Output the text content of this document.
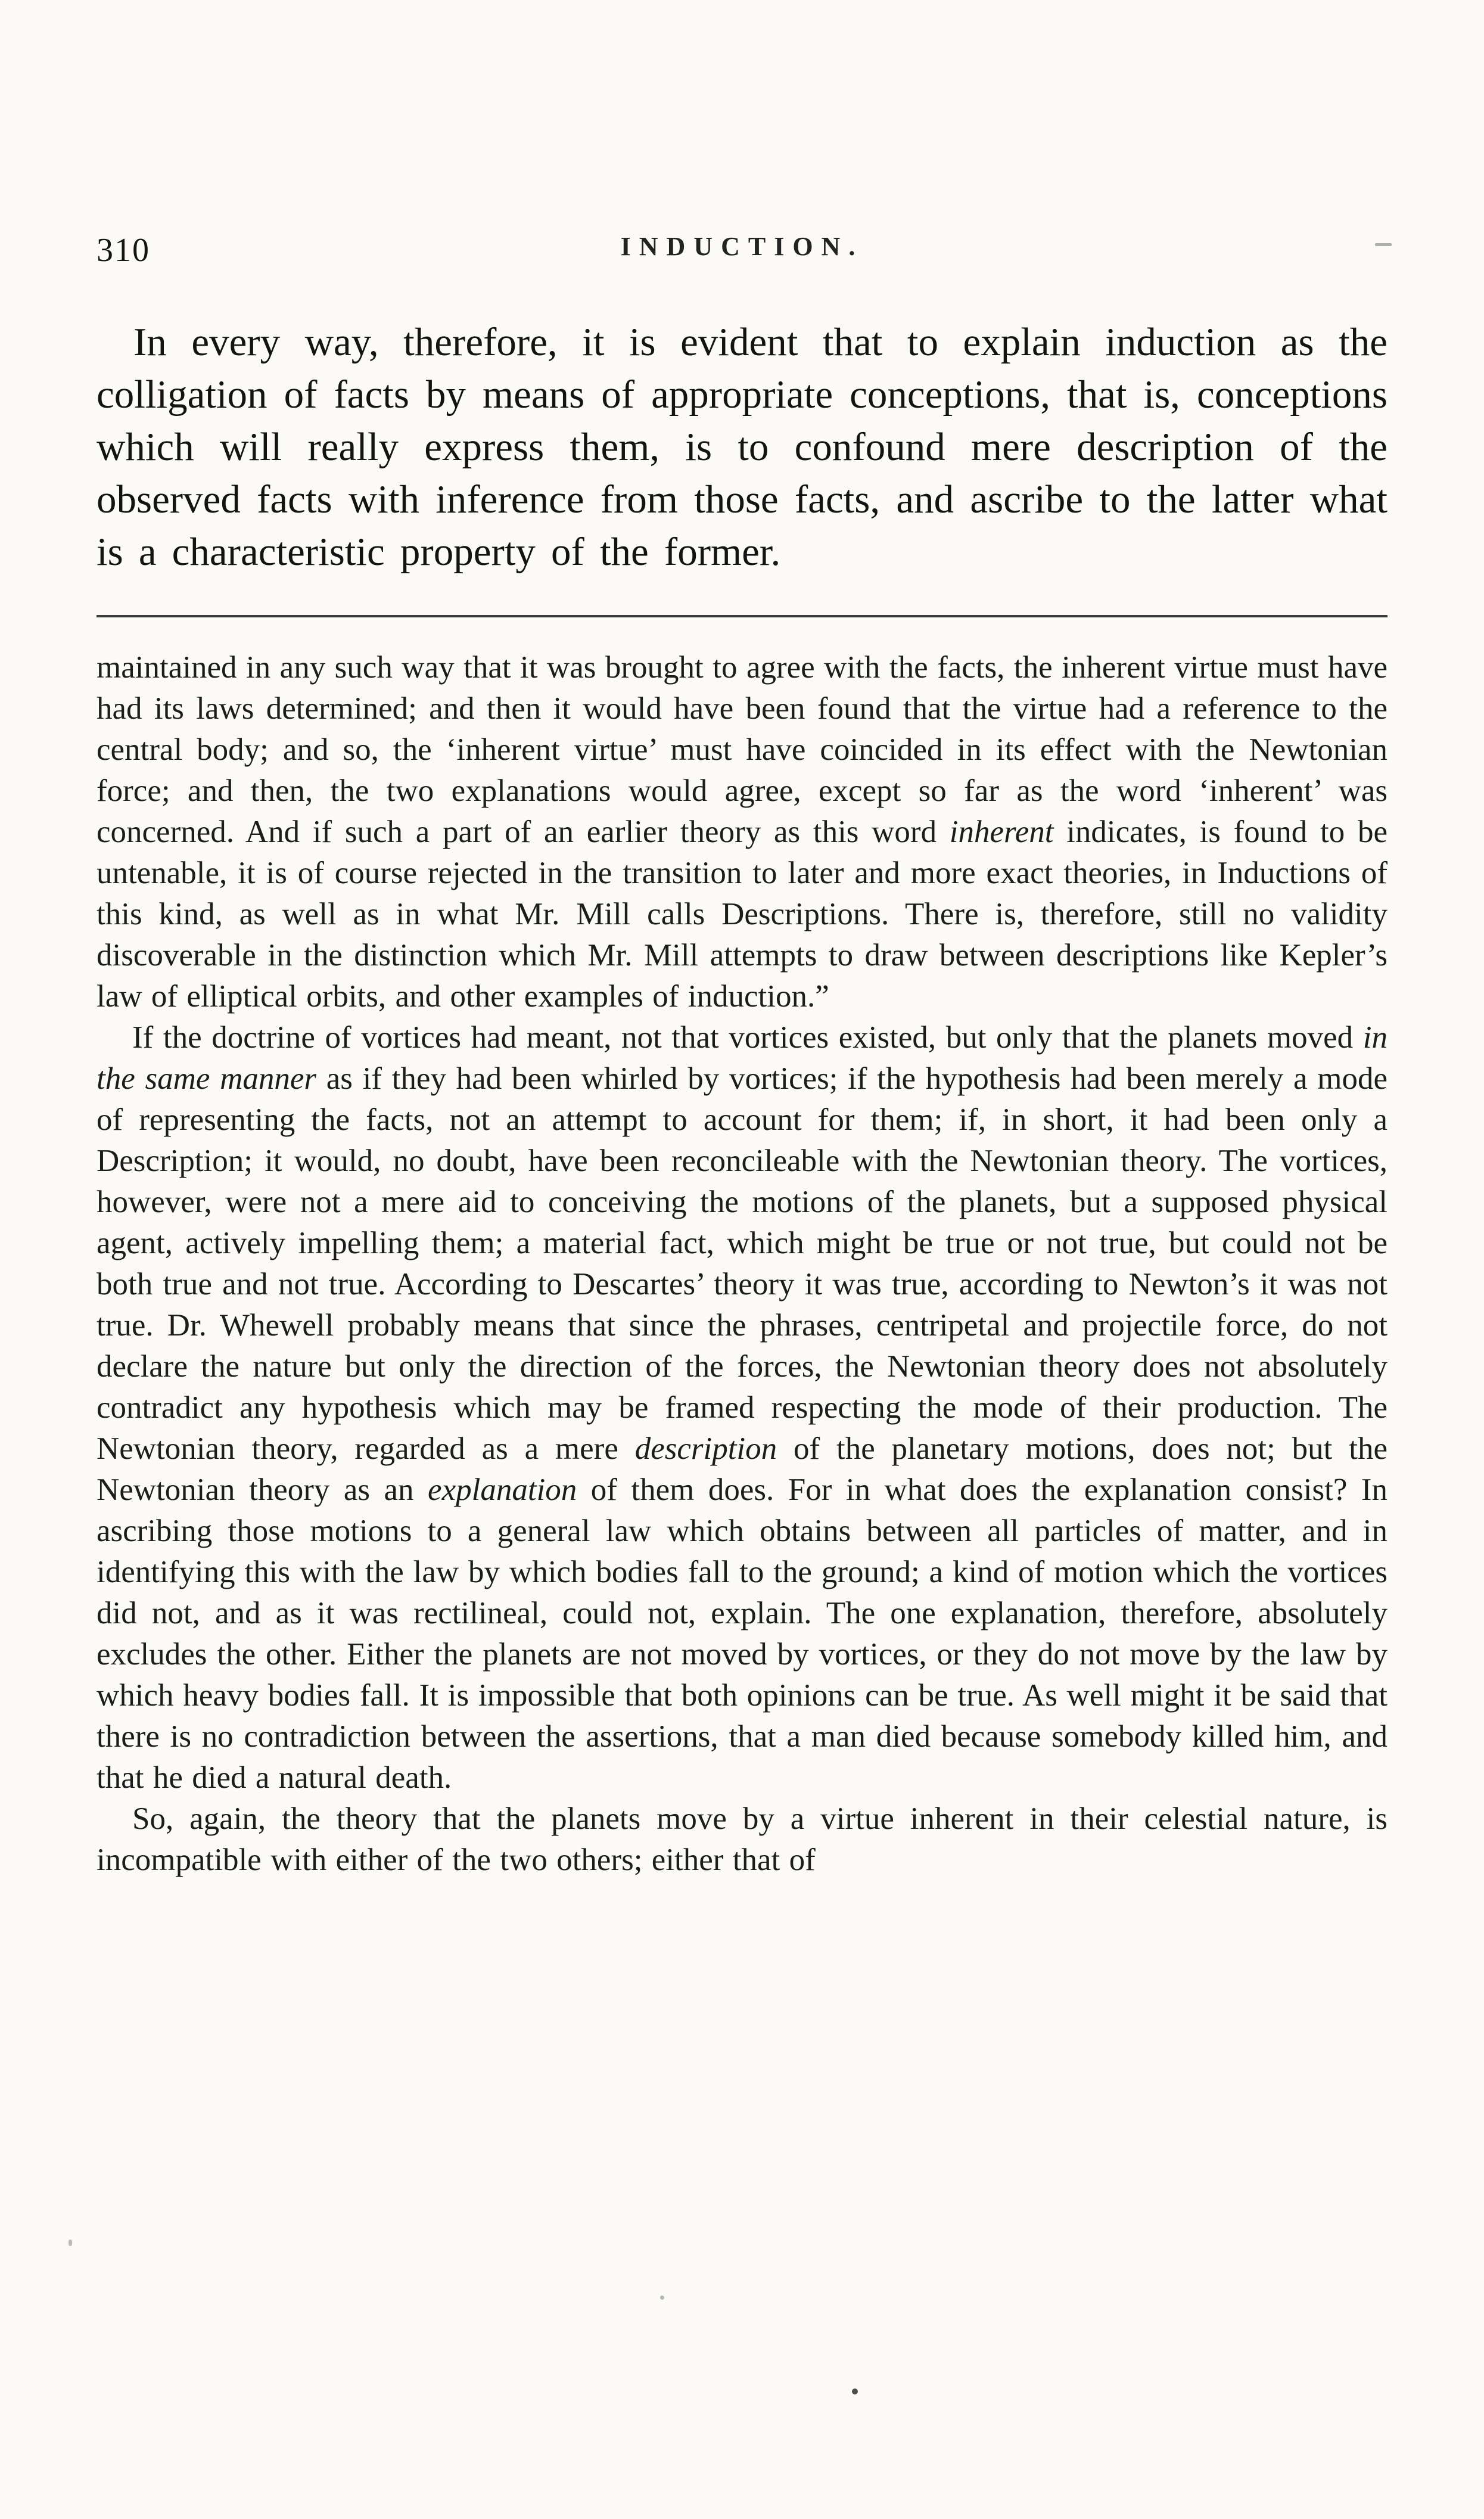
310	INDUCTION.

In every way, therefore, it is evident that to explain induction as the colligation of facts by means of appropriate conceptions, that is, conceptions which will really express them, is to confound mere description of the observed facts with inference from those facts, and ascribe to the latter what is a characteristic property of the former.

maintained in any such way that it was brought to agree with the facts, the inherent virtue must have had its laws determined; and then it would have been found that the virtue had a reference to the central body; and so, the ‘inherent virtue’ must have coincided in its effect with the Newtonian force; and then, the two explanations would agree, except so far as the word ‘inherent’ was concerned. And if such a part of an earlier theory as this word inherent indicates, is found to be untenable, it is of course rejected in the transition to later and more exact theories, in Inductions of this kind, as well as in what Mr. Mill calls Descriptions. There is, therefore, still no validity discoverable in the distinction which Mr. Mill attempts to draw between descriptions like Kepler’s law of elliptical orbits, and other examples of induction.”

If the doctrine of vortices had meant, not that vortices existed, but only that the planets moved in the same manner as if they had been whirled by vortices; if the hypothesis had been merely a mode of representing the facts, not an attempt to account for them; if, in short, it had been only a Description; it would, no doubt, have been reconcileable with the Newtonian theory. The vortices, however, were not a mere aid to conceiving the motions of the planets, but a supposed physical agent, actively impelling them; a material fact, which might be true or not true, but could not be both true and not true. According to Descartes’ theory it was true, according to Newton’s it was not true. Dr. Whewell probably means that since the phrases, centripetal and projectile force, do not declare the nature but only the direction of the forces, the Newtonian theory does not absolutely contradict any hypothesis which may be framed respecting the mode of their production. The Newtonian theory, regarded as a mere description of the planetary motions, does not; but the Newtonian theory as an explanation of them does. For in what does the explanation consist? In ascribing those motions to a general law which obtains between all particles of matter, and in identifying this with the law by which bodies fall to the ground; a kind of motion which the vortices did not, and as it was rectilineal, could not, explain. The one explanation, therefore, absolutely excludes the other. Either the planets are not moved by vortices, or they do not move by the law by which heavy bodies fall. It is impossible that both opinions can be true. As well might it be said that there is no contradiction between the assertions, that a man died because somebody killed him, and that he died a natural death.

So, again, the theory that the planets move by a virtue inherent in their celestial nature, is incompatible with either of the two others; either that of
